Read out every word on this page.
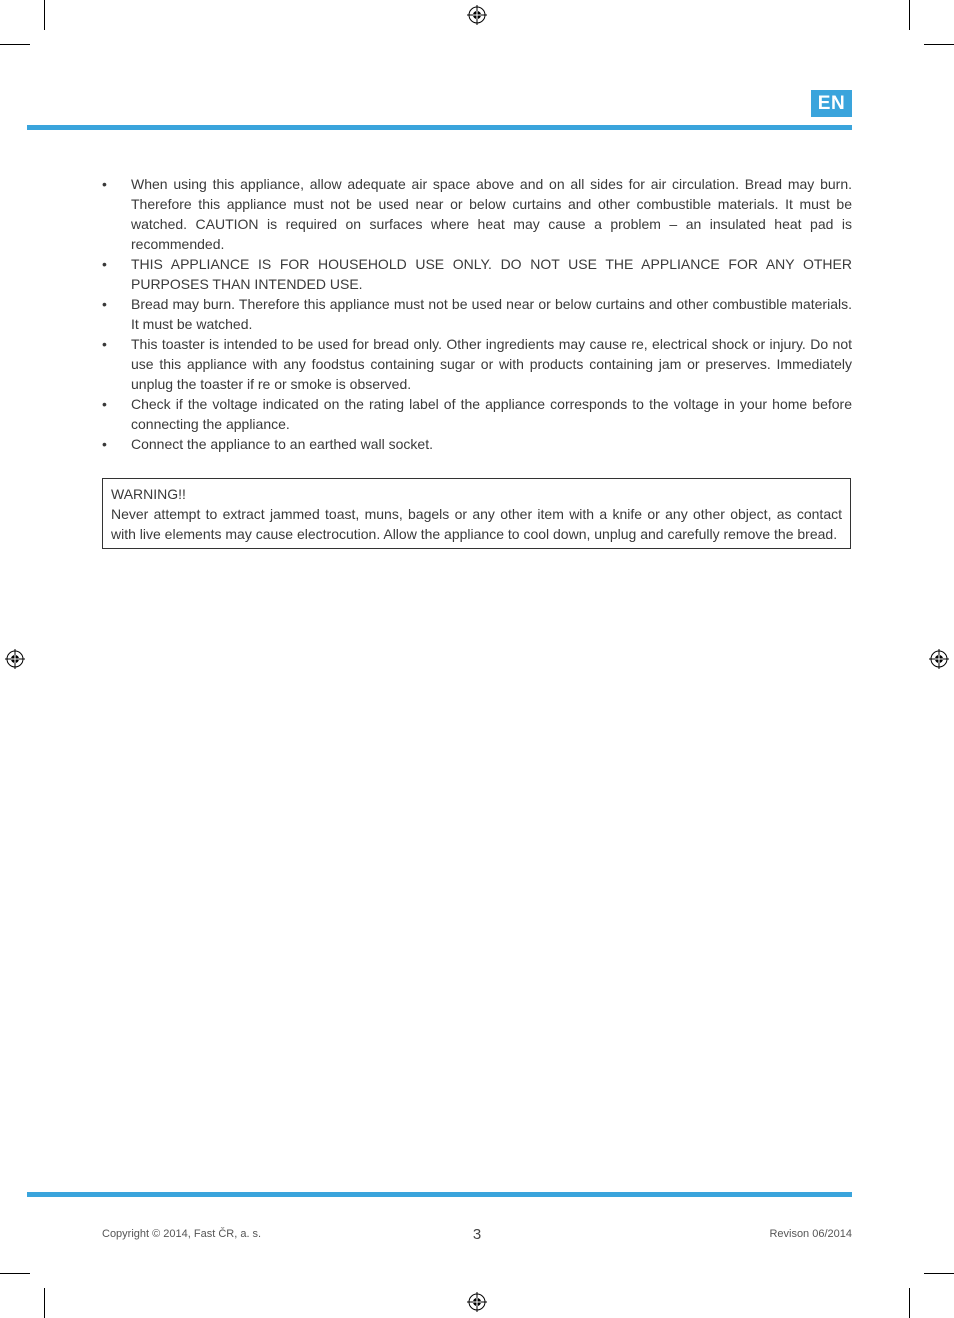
EN
•	When using this appliance, allow adequate air space above and on all sides for air circulation. Bread may burn. Therefore this appliance must not be used near or below curtains and other combustible materials. It must be watched. CAUTION is required on surfaces where heat may cause a problem – an insulated heat pad is recommended.
•	THIS APPLIANCE IS FOR HOUSEHOLD USE ONLY. DO NOT USE THE APPLIANCE FOR ANY OTHER PURPOSES THAN INTENDED USE.
•	Bread may burn. Therefore this appliance must not be used near or below curtains and other combustible materials. It must be watched.
•	This toaster is intended to be used for bread only. Other ingredients may cause re, electrical shock or injury. Do not use this appliance with any foodstus containing sugar or with products containing jam or preserves. Immediately unplug the toaster if re or smoke is observed.
•	Check if the voltage indicated on the rating label of the appliance corresponds to the voltage in your home before connecting the appliance.
•	Connect the appliance to an earthed wall socket.
WARNING!!
Never attempt to extract jammed toast, muns, bagels or any other item with a knife or any other object, as contact with live elements may cause electrocution. Allow the appliance to cool down, unplug and carefully remove the bread.
Copyright © 2014, Fast ČR, a. s.	3	Revison 06/2014
